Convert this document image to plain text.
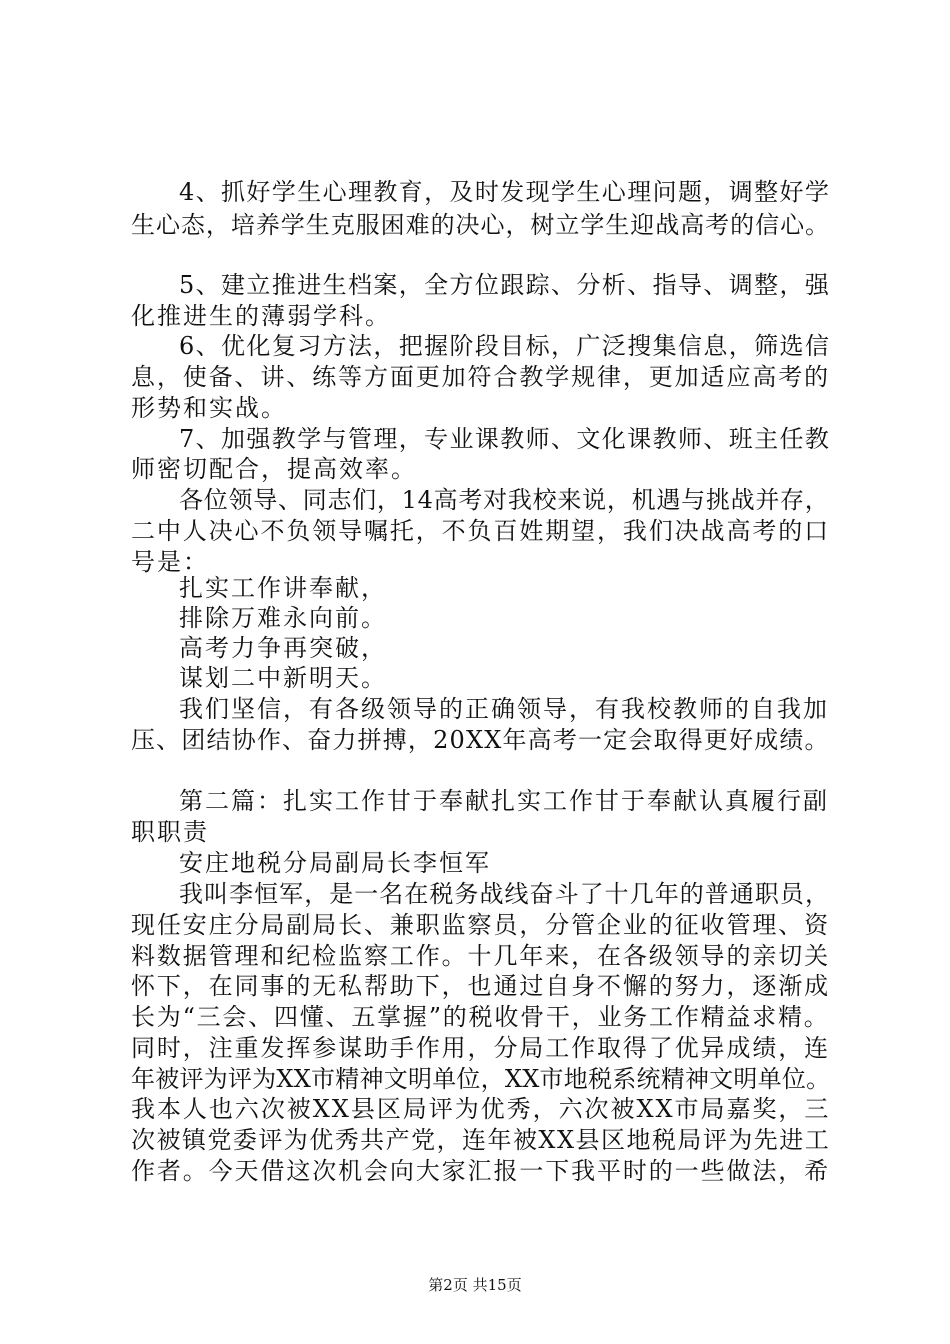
4、抓好学生心理教育，及时发现学生心理问题，调整好学
生心态，培养学生克服困难的决心，树立学生迎战高考的信心。
5、建立推进生档案，全方位跟踪、分析、指导、调整，强
化推进生的薄弱学科。
6、优化复习方法，把握阶段目标，广泛搜集信息，筛选信
息，使备、讲、练等方面更加符合教学规律，更加适应高考的
形势和实战。
7、加强教学与管理，专业课教师、文化课教师、班主任教
师密切配合，提高效率。
各位领导、同志们，14高考对我校来说，机遇与挑战并存，
二中人决心不负领导嘱托，不负百姓期望，我们决战高考的口
号是：
扎实工作讲奉献，
排除万难永向前。
高考力争再突破，
谋划二中新明天。
我们坚信，有各级领导的正确领导，有我校教师的自我加
压、团结协作、奋力拼搏，20XX年高考一定会取得更好成绩。
第二篇：扎实工作甘于奉献扎实工作甘于奉献认真履行副
职职责
安庄地税分局副局长李恒军
我叫李恒军，是一名在税务战线奋斗了十几年的普通职员，
现任安庄分局副局长、兼职监察员，分管企业的征收管理、资
料数据管理和纪检监察工作。十几年来，在各级领导的亲切关
怀下，在同事的无私帮助下，也通过自身不懈的努力，逐渐成
长为“三会、四懂、五掌握”的税收骨干，业务工作精益求精。
同时，注重发挥参谋助手作用，分局工作取得了优异成绩，连
年被评为评为XX市精神文明单位，XX市地税系统精神文明单位。
我本人也六次被XX县区局评为优秀，六次被XX市局嘉奖，三
次被镇党委评为优秀共产党，连年被XX县区地税局评为先进工
作者。今天借这次机会向大家汇报一下我平时的一些做法，希
第2页 共15页
